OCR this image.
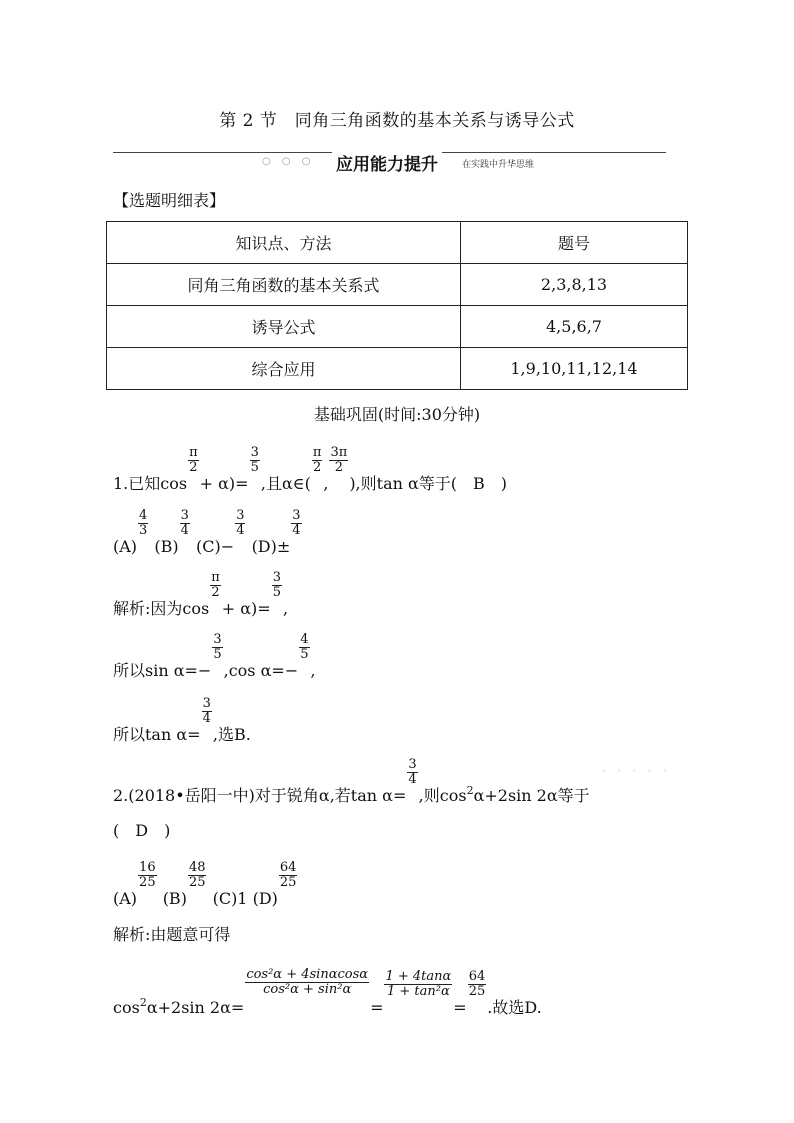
第 2 节　同角三角函数的基本关系与诱导公式
○ ○ ○ 应用能力提升	在实践中升华思维
【选题明细表】
知识点、方法	题号
同角三角函数的基本关系式	2,3,8,13
诱导公式	4,5,6,7
综合应用	1,9,10,11,12,14
基础巩固(时间:30分钟)
1.已知cos
$\frac{\pi}{2}$
+ α)=
$\frac{3}{5}$
,且α∈(
$\frac{\pi}{2}$
,
$\frac{3\pi}{2}$
),则tan α等于(　B　)
(A)
$\frac{4}{3}$
(B)
$\frac{3}{4}$
(C)−
$\frac{3}{4}$
(D)±
$\frac{3}{4}$
解析:因为cos
$\frac{\pi}{2}$
+ α)=
$\frac{3}{5}$
,
所以sin α=−
$\frac{3}{5}$
,cos α=−
$\frac{4}{5}$
,
所以tan α=
$\frac{3}{4}$
,选B.
· · · · ·
2.(2018•岳阳一中)对于锐角α,若tan α=
$\frac{3}{4}$
,则$\cos^2\alpha+2\sin$ 2α等于
(　D　)
(A)
$\frac{16}{25}$
(B)
$\frac{48}{25}$
(C)1 (D)
$\frac{64}{25}$
解析:由题意可得
$\cos^2\alpha+2\sin$ 2α=
$\frac{\text{cos²α + 4sinαcosα}}{\text{cos²α + sin²α}}$
=
$\frac{1 + 4\tan\alpha}{\text{1 + tan²α}}$
=
$\frac{64}{25}$
.故选D.
